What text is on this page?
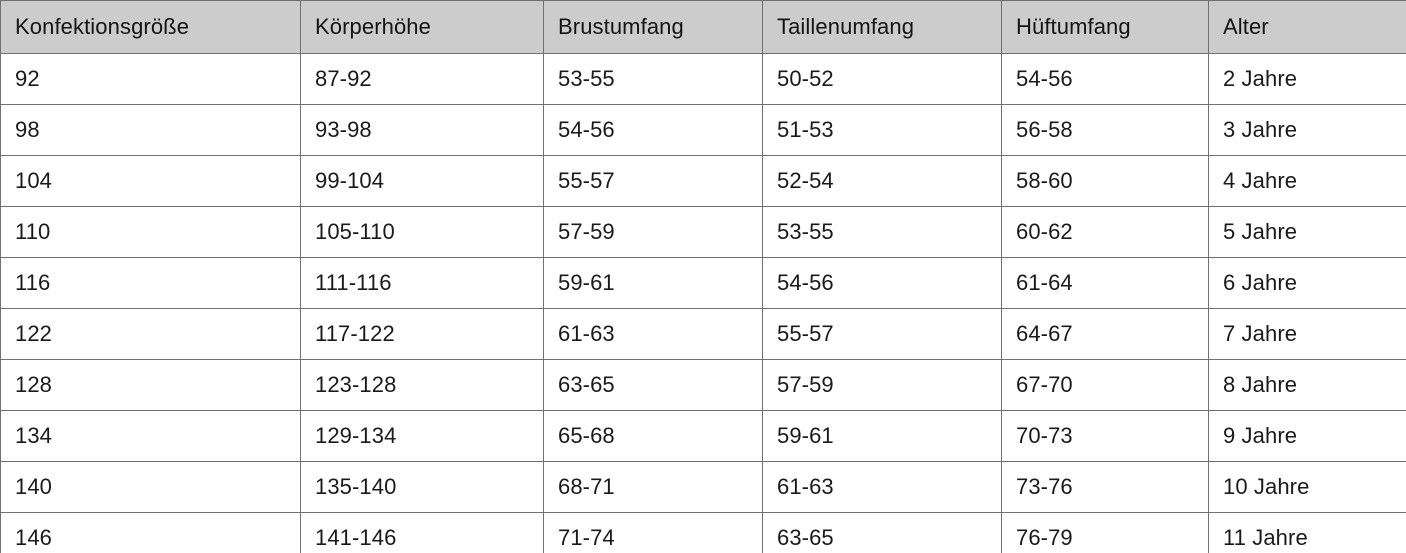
Konfektionsgröße	Körperhöhe	Brustumfang	Taillenumfang	Hüftumfang	Alter
92	87-92	53-55	50-52	54-56	2 Jahre
98	93-98	54-56	51-53	56-58	3 Jahre
104	99-104	55-57	52-54	58-60	4 Jahre
110	105-110	57-59	53-55	60-62	5 Jahre
116	111-116	59-61	54-56	61-64	6 Jahre
122	117-122	61-63	55-57	64-67	7 Jahre
128	123-128	63-65	57-59	67-70	8 Jahre
134	129-134	65-68	59-61	70-73	9 Jahre
140	135-140	68-71	61-63	73-76	10 Jahre
146	141-146	71-74	63-65	76-79	11 Jahre
